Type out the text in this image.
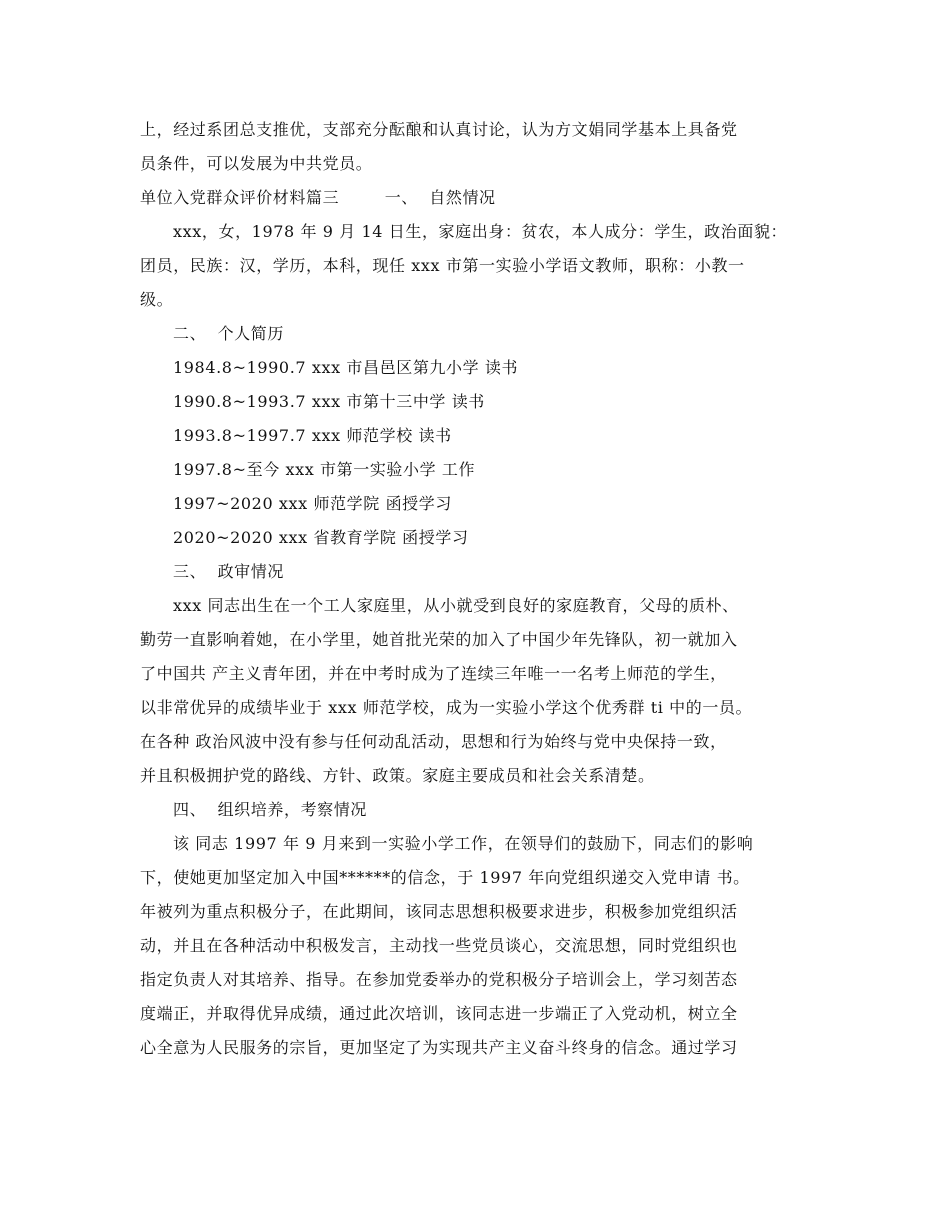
上，经过系团总支推优，支部充分酝酿和认真讨论，认为方文娟同学基本上具备党
员条件，可以发展为中共党员。
单位入党群众评价材料篇三        一、  自然情况
xxx，女，1978 年 9 月 14 日生，家庭出身：贫农，本人成分：学生，政治面貌：
团员，民族：汉，学历，本科，现任 xxx 市第一实验小学语文教师，职称：小教一
级。
二、  个人简历
1984.8~1990.7 xxx 市昌邑区第九小学 读书
1990.8~1993.7 xxx 市第十三中学 读书
1993.8~1997.7 xxx 师范学校 读书
1997.8~至今 xxx 市第一实验小学 工作
1997~2020 xxx 师范学院 函授学习
2020~2020 xxx 省教育学院 函授学习
三、  政审情况
xxx 同志出生在一个工人家庭里，从小就受到良好的家庭教育，父母的质朴、
勤劳一直影响着她，在小学里，她首批光荣的加入了中国少年先锋队，初一就加入
了中国共 产主义青年团，并在中考时成为了连续三年唯一一名考上师范的学生，
以非常优异的成绩毕业于 xxx 师范学校，成为一实验小学这个优秀群 ti 中的一员。
在各种 政治风波中没有参与任何动乱活动，思想和行为始终与党中央保持一致，
并且积极拥护党的路线、方针、政策。家庭主要成员和社会关系清楚。
四、  组织培养，考察情况
该 同志 1997 年 9 月来到一实验小学工作，在领导们的鼓励下，同志们的影响
下，使她更加坚定加入中国******的信念，于 1997 年向党组织递交入党申请 书。
年被列为重点积极分子，在此期间，该同志思想积极要求进步，积极参加党组织活
动，并且在各种活动中积极发言，主动找一些党员谈心，交流思想，同时党组织也
指定负责人对其培养、指导。在参加党委举办的党积极分子培训会上，学习刻苦态
度端正，并取得优异成绩，通过此次培训，该同志进一步端正了入党动机，树立全
心全意为人民服务的宗旨，更加坚定了为实现共产主义奋斗终身的信念。通过学习
